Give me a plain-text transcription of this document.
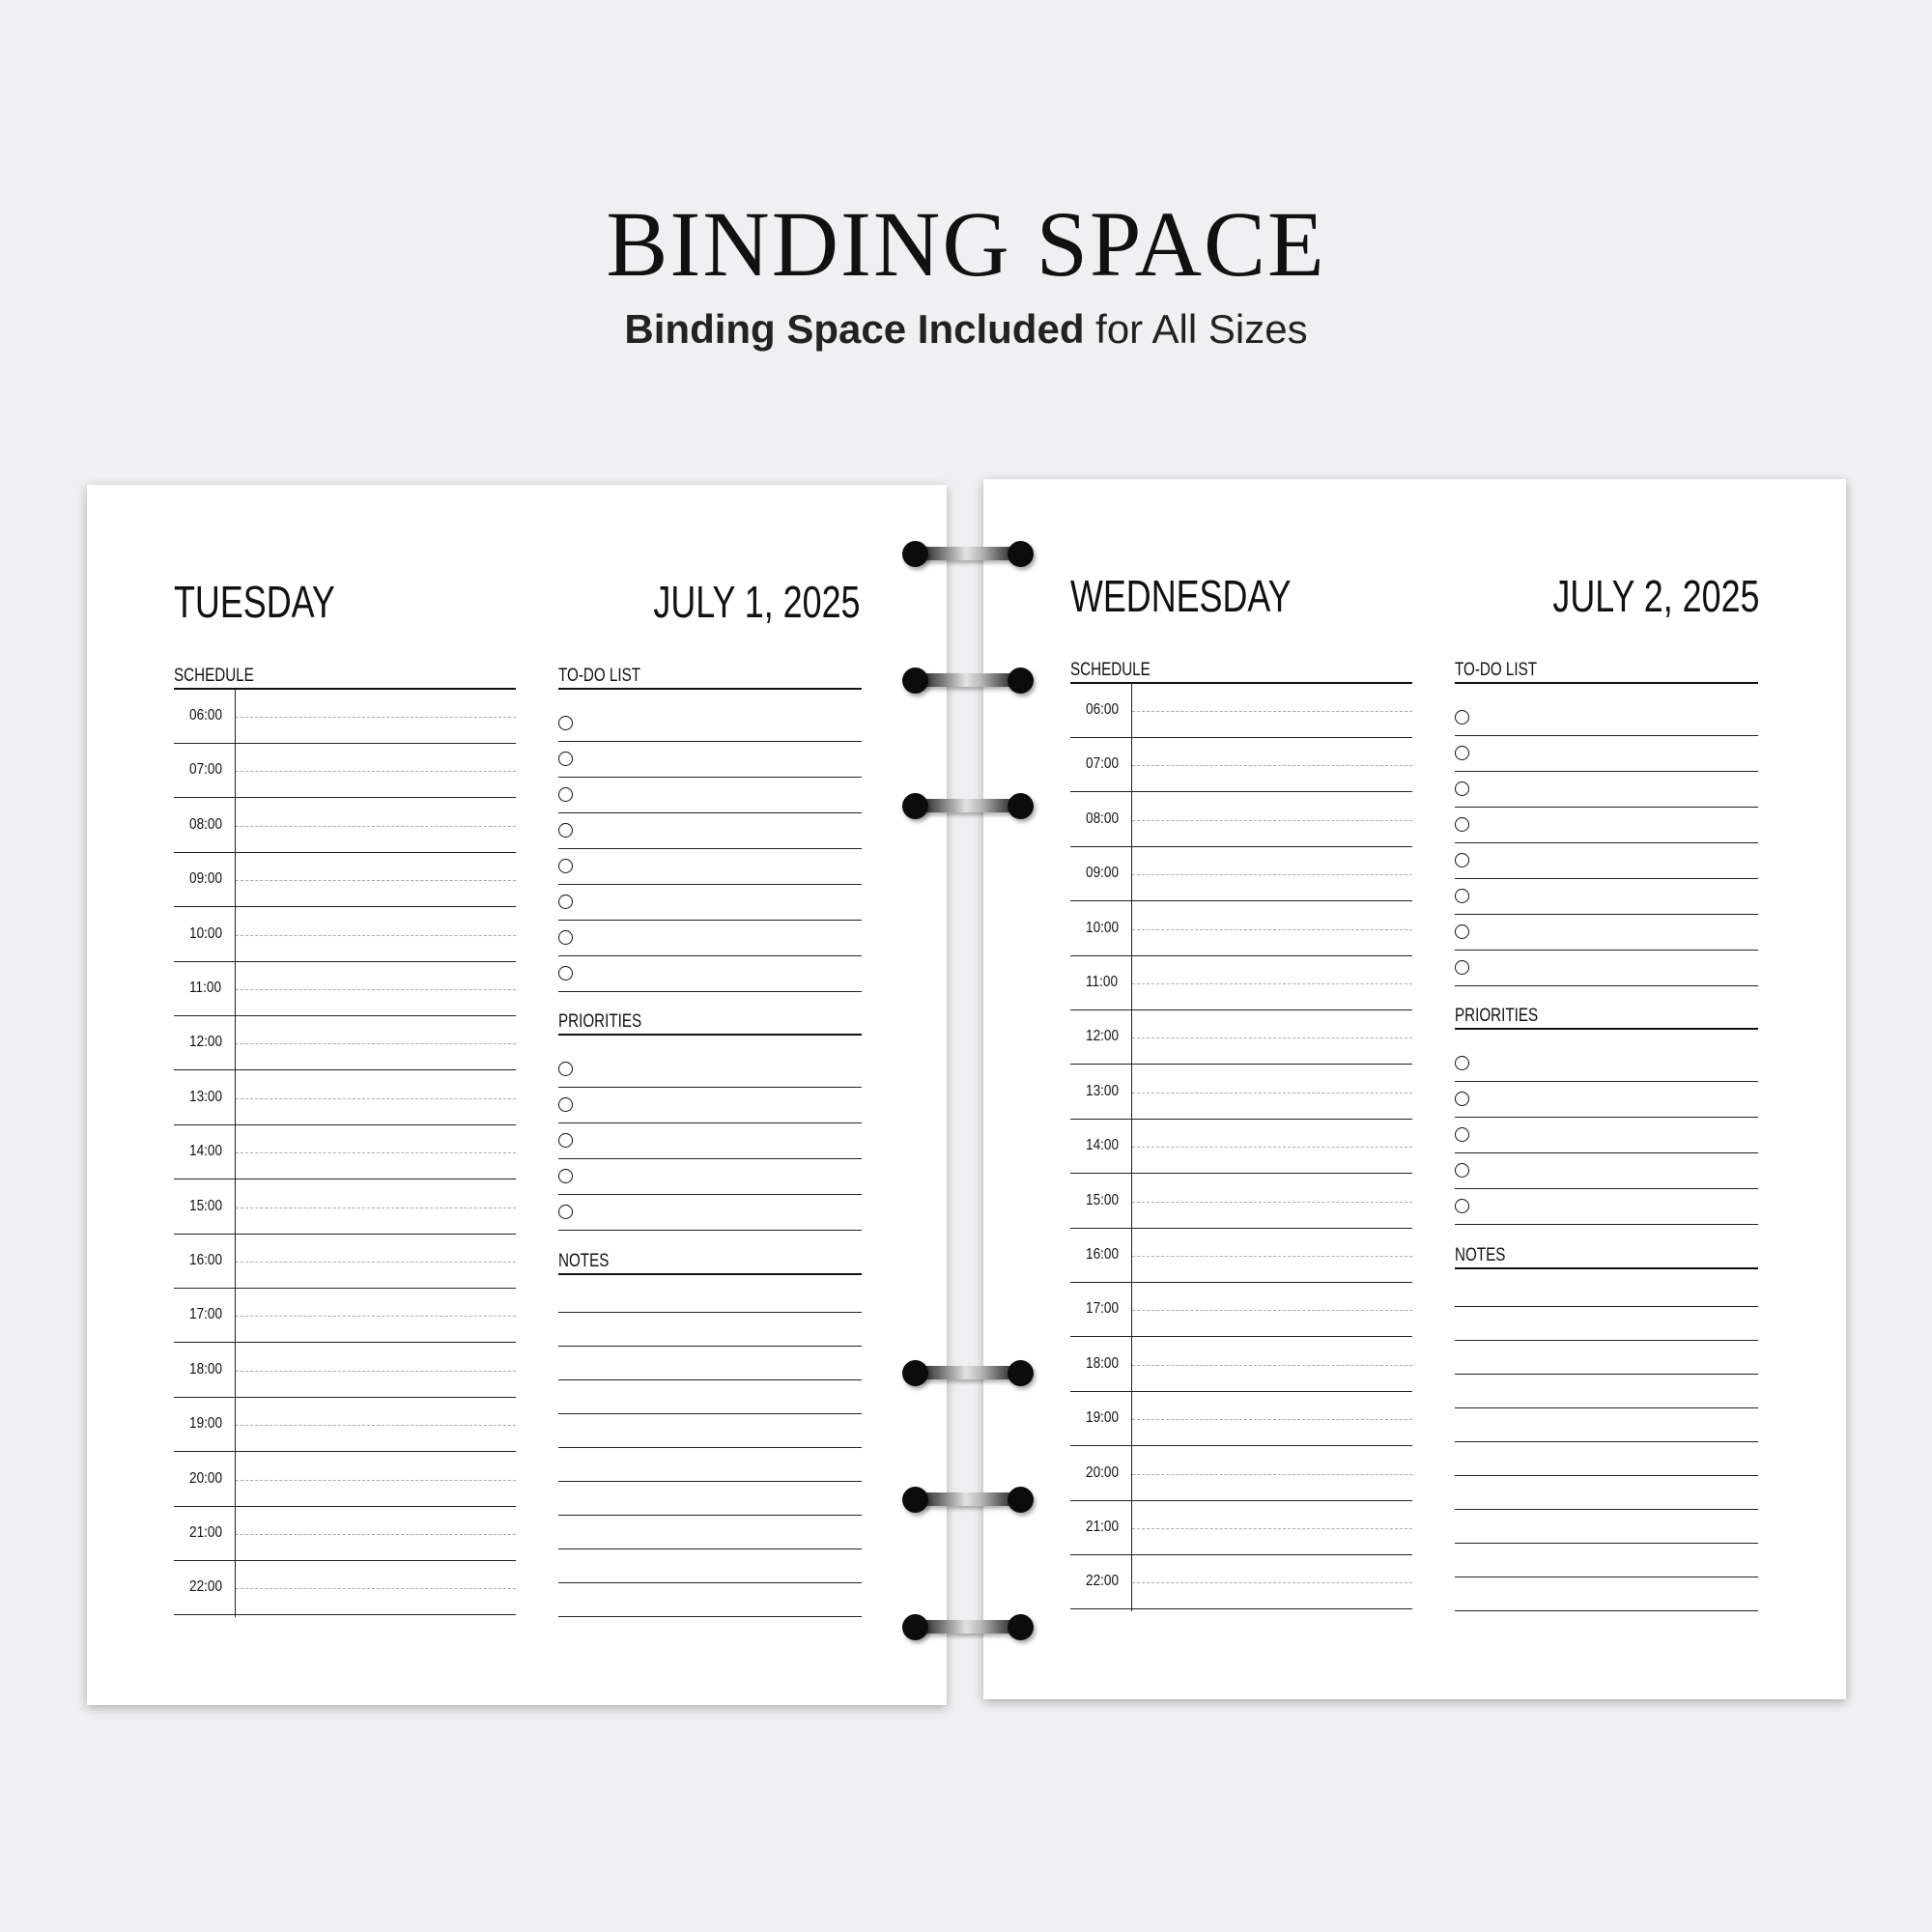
BINDING SPACE
Binding Space Included for All Sizes
TUESDAY	JULY 1, 2025
SCHEDULE
06:00
07:00
08:00
09:00
10:00
11:00
12:00
13:00
14:00
15:00
16:00
17:00
18:00
19:00
20:00
21:00
22:00
TO-DO LIST
PRIORITIES
NOTES
WEDNESDAY	JULY 2, 2025
SCHEDULE
06:00
07:00
08:00
09:00
10:00
11:00
12:00
13:00
14:00
15:00
16:00
17:00
18:00
19:00
20:00
21:00
22:00
TO-DO LIST
PRIORITIES
NOTES
